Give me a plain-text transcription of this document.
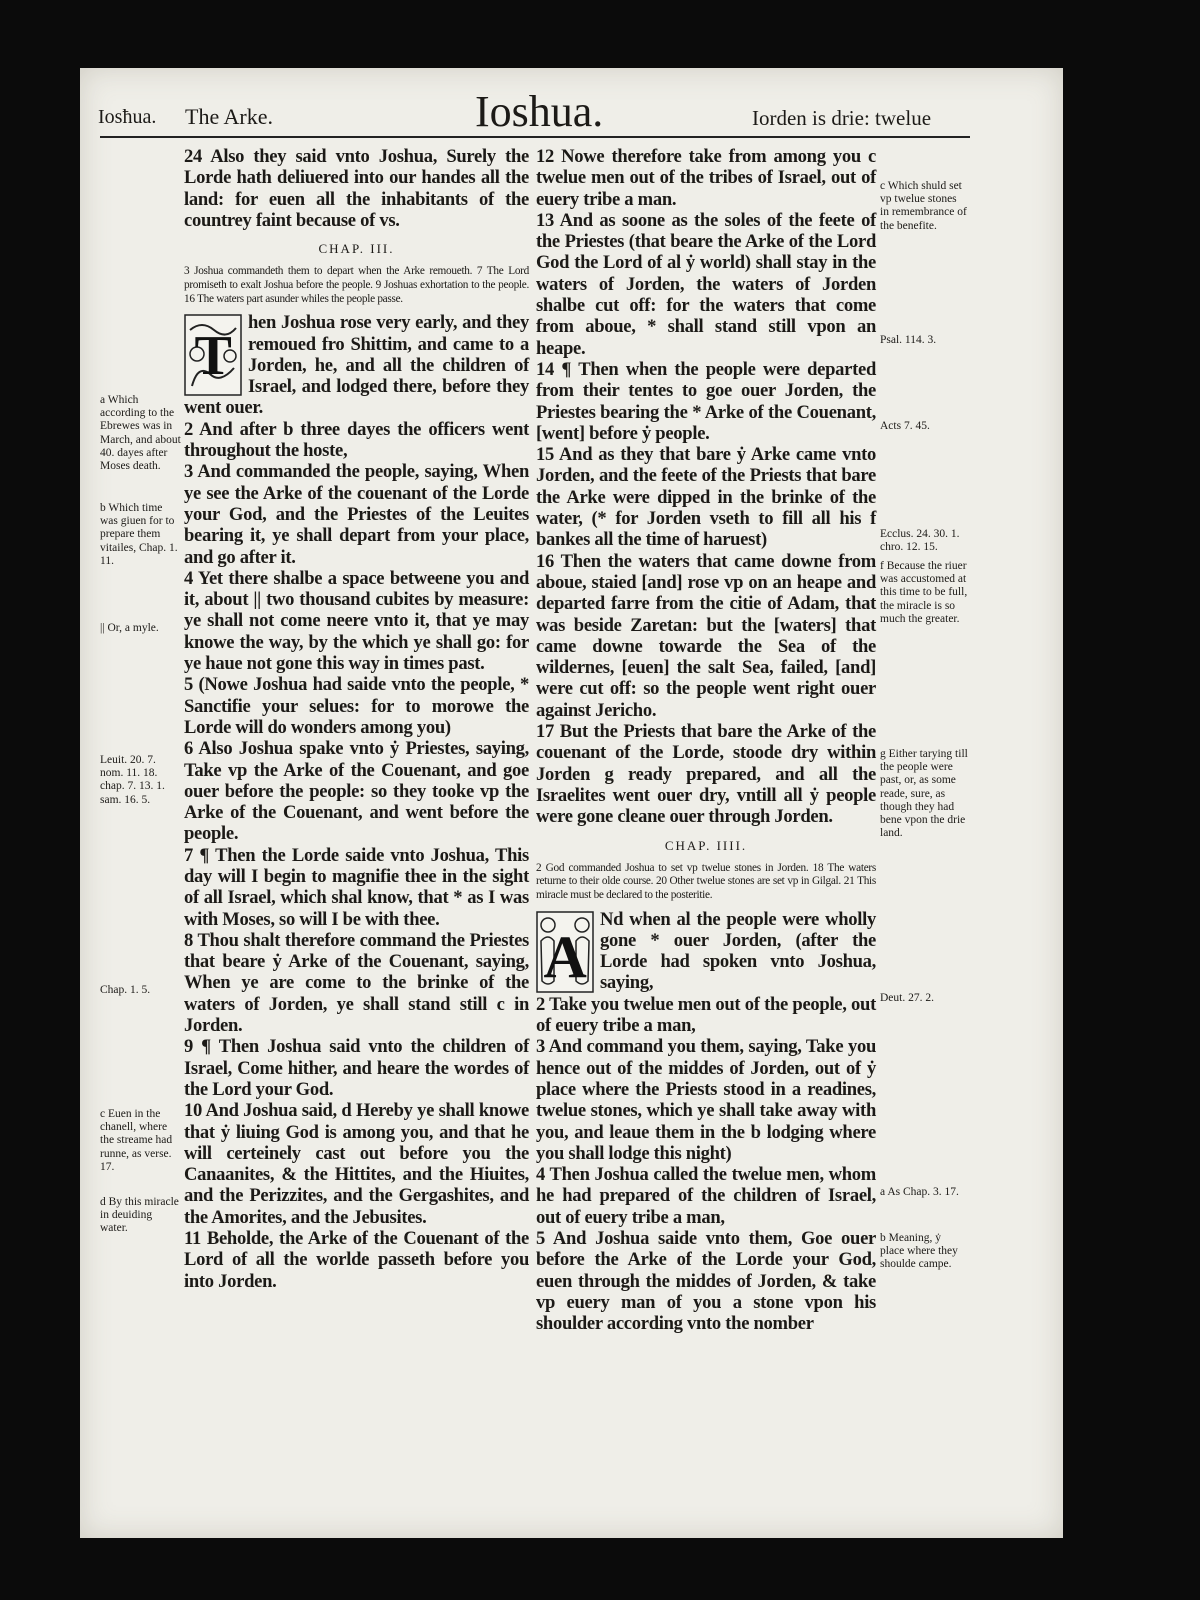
Iosħua. The Arke.	Ioshua.	Iorden is drie: twelue

24 Also they said vnto Joshua, Surely the Lorde hath deliuered into our handes all the land: for euen all the inhabitants of the countrey faint because of vs.

CHAP. III.

3 Joshua commandeth them to depart when the Arke remoueth. 7 The Lord promiseth to exalt Joshua before the people. 9 Joshuas exhortation to the people. 16 The waters part asunder whiles the people passe.

T

hen Joshua rose very early, and they remoued fro Shittim, and came to a Jorden, he, and all the children of Israel, and lodged there, before they went ouer.

2 And after b three dayes the officers went throughout the hoste,

3 And commanded the people, saying, When ye see the Arke of the couenant of the Lorde your God, and the Priestes of the Leuites bearing it, ye shall depart from your place, and go after it.

4 Yet there shalbe a space betweene you and it, about || two thousand cubites by measure: ye shall not come neere vnto it, that ye may knowe the way, by the which ye shall go: for ye haue not gone this way in times past.

5 (Nowe Joshua had saide vnto the people, * Sanctifie your selues: for to morowe the Lorde will do wonders among you)

6 Also Joshua spake vnto ẏ Priestes, saying, Take vp the Arke of the Couenant, and goe ouer before the people: so they tooke vp the Arke of the Couenant, and went before the people.

7 ¶ Then the Lorde saide vnto Joshua, This day will I begin to magnifie thee in the sight of all Israel, which shal know, that * as I was with Moses, so will I be with thee.

8 Thou shalt therefore command the Priestes that beare ẏ Arke of the Couenant, saying, When ye are come to the brinke of the waters of Jorden, ye shall stand still c in Jorden.

9 ¶ Then Joshua said vnto the children of Israel, Come hither, and heare the wordes of the Lord your God.

10 And Joshua said, d Hereby ye shall knowe that ẏ liuing God is among you, and that he will certeinely cast out before you the Canaanites, & the Hittites, and the Hiuites, and the Perizzites, and the Gergashites, and the Amorites, and the Jebusites.

11 Beholde, the Arke of the Couenant of the Lord of all the worlde passeth before you into Jorden.

12 Nowe therefore take from among you c twelue men out of the tribes of Israel, out of euery tribe a man.

13 And as soone as the soles of the feete of the Priestes (that beare the Arke of the Lord God the Lord of al ẏ world) shall stay in the waters of Jorden, the waters of Jorden shalbe cut off: for the waters that come from aboue, * shall stand still vpon an heape.

14 ¶ Then when the people were departed from their tentes to goe ouer Jorden, the Priestes bearing the * Arke of the Couenant, [went] before ẏ people.

15 And as they that bare ẏ Arke came vnto Jorden, and the feete of the Priests that bare the Arke were dipped in the brinke of the water, (* for Jorden vseth to fill all his f bankes all the time of haruest)

16 Then the waters that came downe from aboue, staied [and] rose vp on an heape and departed farre from the citie of Adam, that was beside Zaretan: but the [waters] that came downe towarde the Sea of the wildernes, [euen] the salt Sea, failed, [and] were cut off: so the people went right ouer against Jericho.

17 But the Priests that bare the Arke of the couenant of the Lorde, stoode dry within Jorden g ready prepared, and all the Israelites went ouer dry, vntill all ẏ people were gone cleane ouer through Jorden.

CHAP. IIII.

2 God commanded Joshua to set vp twelue stones in Jorden. 18 The waters returne to their olde course. 20 Other twelue stones are set vp in Gilgal. 21 This miracle must be declared to the posteritie.

A

Nd when al the people were wholly gone * ouer Jorden, (after the Lorde had spoken vnto Joshua, saying,

2 Take you twelue men out of the people, out of euery tribe a man,

3 And command you them, saying, Take you hence out of the middes of Jorden, out of ẏ place where the Priests stood in a readines, twelue stones, which ye shall take away with you, and leaue them in the b lodging where you shall lodge this night)

4 Then Joshua called the twelue men, whom he had prepared of the children of Israel, out of euery tribe a man,

5 And Joshua saide vnto them, Goe ouer before the Arke of the Lorde your God, euen through the middes of Jorden, & take vp euery man of you a stone vpon his shoulder according vnto the nomber

a Which according to the Ebrewes was in March, and about 40. dayes after Moses death.
b Which time was giuen for to prepare them vitailes, Chap. 1. 11.
|| Or, a myle.
Leuit. 20. 7. nom. 11. 18. chap. 7. 13. 1. sam. 16. 5.
Chap. 1. 5.
c Euen in the chanell, where the streame had runne, as verse. 17.
d By this miracle in deuiding water.
c Which shuld set vp twelue stones in remembrance of the benefite.
Psal. 114. 3.
Acts 7. 45.
Ecclus. 24. 30. 1. chro. 12. 15.
f Because the riuer was accustomed at this time to be full, the miracle is so much the greater.
g Either tarying till the people were past, or, as some reade, sure, as though they had bene vpon the drie land.
Deut. 27. 2.
a As Chap. 3. 17.
b Meaning, ẏ place where they shoulde campe.
